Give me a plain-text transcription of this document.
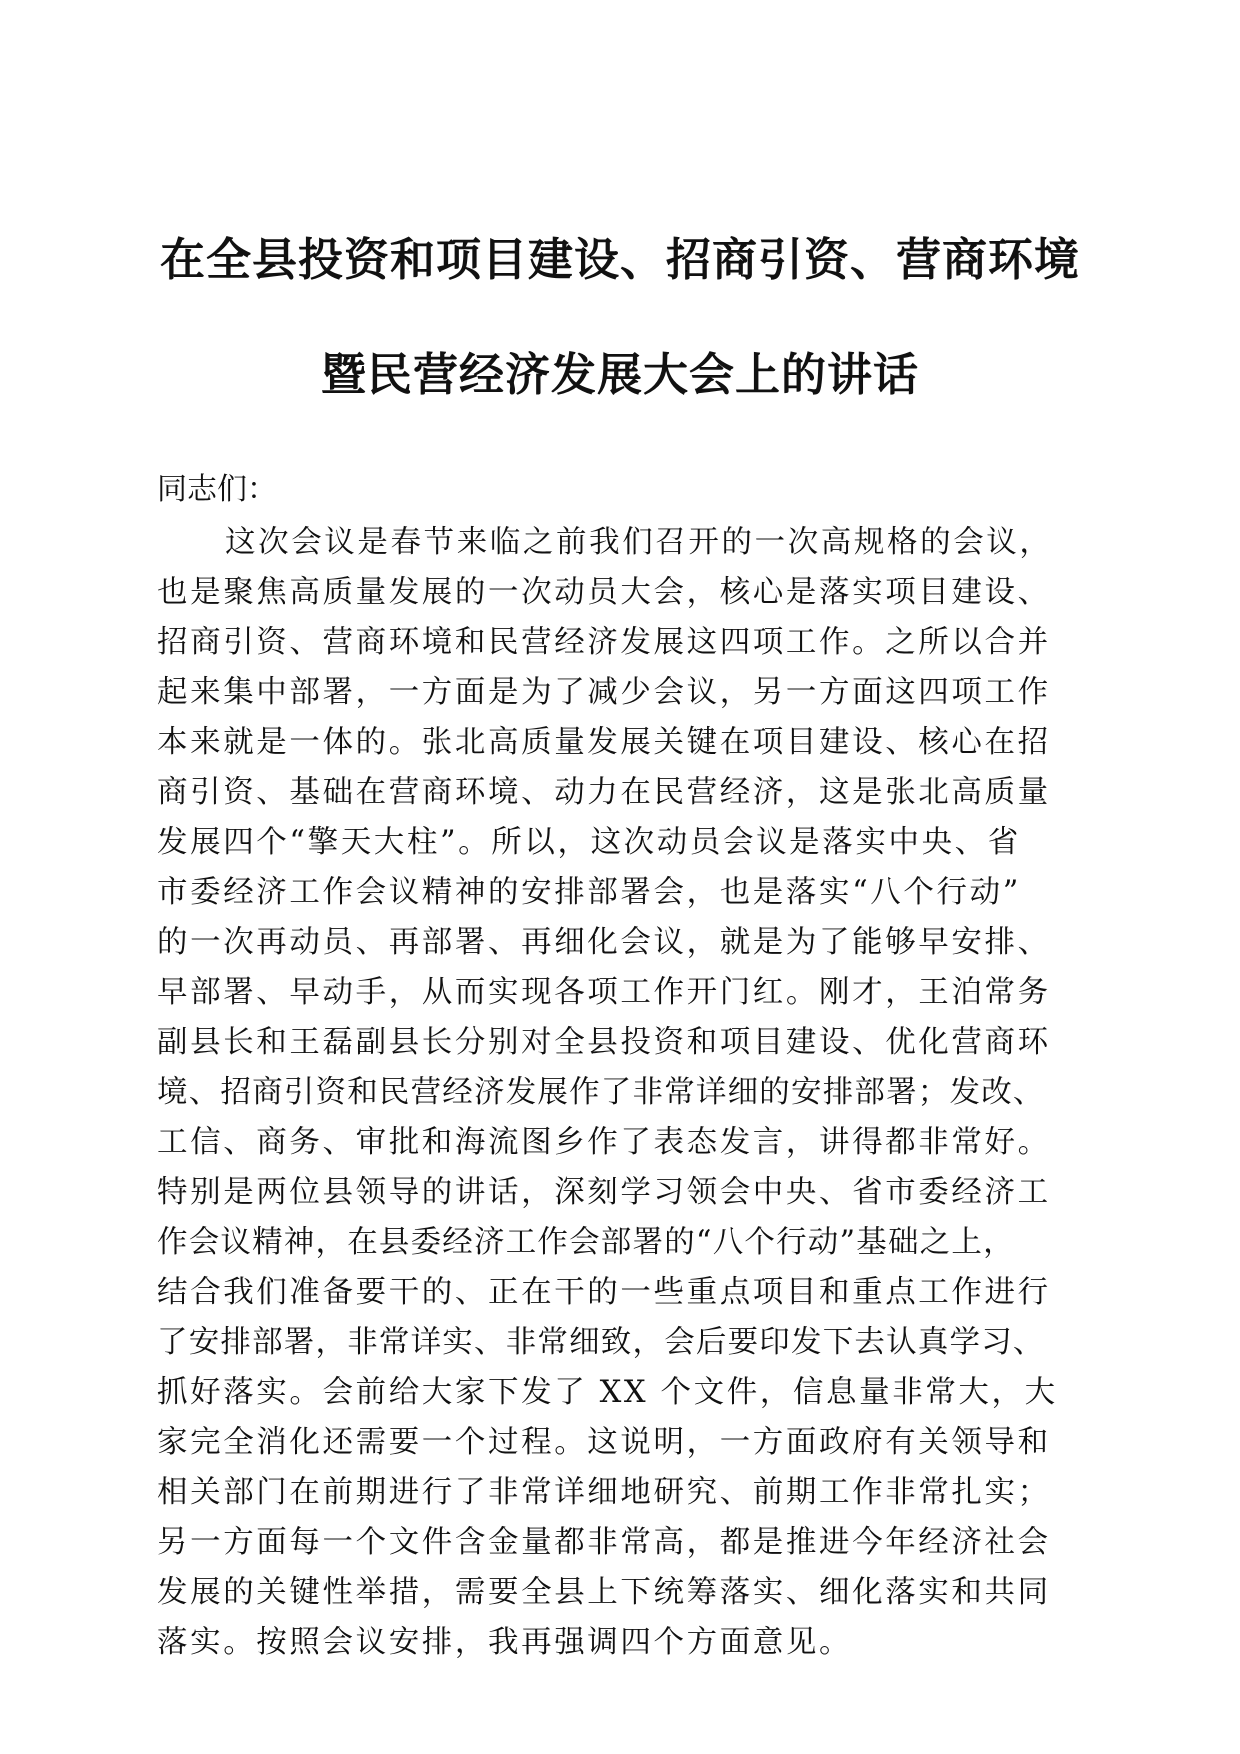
在全县投资和项目建设、招商引资、营商环境
暨民营经济发展大会上的讲话
同志们：
这次会议是春节来临之前我们召开的一次高规格的会议，
也是聚焦高质量发展的一次动员大会，核心是落实项目建设、
招商引资、营商环境和民营经济发展这四项工作。之所以合并
起来集中部署，一方面是为了减少会议，另一方面这四项工作
本来就是一体的。张北高质量发展关键在项目建设、核心在招
商引资、基础在营商环境、动力在民营经济，这是张北高质量
发展四个“擎天大柱”。所以，这次动员会议是落实中央、省
市委经济工作会议精神的安排部署会，也是落实“八个行动”
的一次再动员、再部署、再细化会议，就是为了能够早安排、
早部署、早动手，从而实现各项工作开门红。刚才，王泊常务
副县长和王磊副县长分别对全县投资和项目建设、优化营商环
境、招商引资和民营经济发展作了非常详细的安排部署；发改、
工信、商务、审批和海流图乡作了表态发言，讲得都非常好。
特别是两位县领导的讲话，深刻学习领会中央、省市委经济工
作会议精神，在县委经济工作会部署的“八个行动”基础之上，
结合我们准备要干的、正在干的一些重点项目和重点工作进行
了安排部署，非常详实、非常细致，会后要印发下去认真学习、
抓好落实。会前给大家下发了 XX 个文件，信息量非常大，大
家完全消化还需要一个过程。这说明，一方面政府有关领导和
相关部门在前期进行了非常详细地研究、前期工作非常扎实；
另一方面每一个文件含金量都非常高，都是推进今年经济社会
发展的关键性举措，需要全县上下统筹落实、细化落实和共同
落实。按照会议安排，我再强调四个方面意见。
